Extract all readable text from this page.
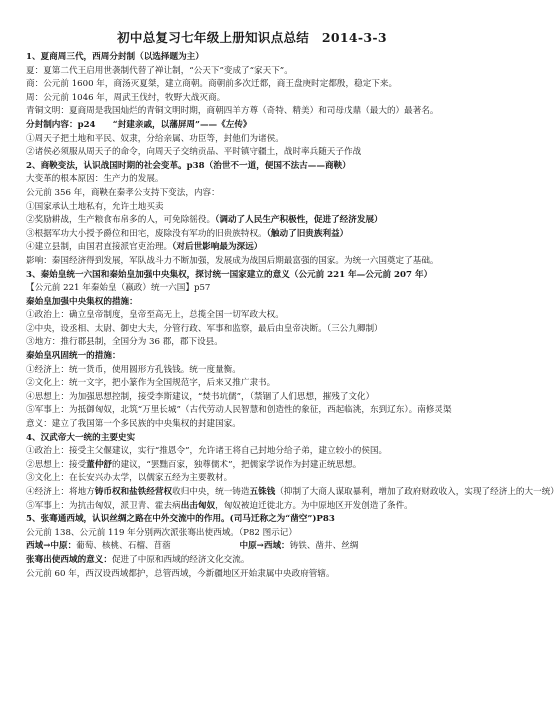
初中总复习七年级上册知识点总结　2014-3-3
1、夏商周三代，西周分封制（以选择题为主）
夏：夏第二代王启用世袭制代替了禅让制，“公天下”变成了“家天下”。
商：公元前 1600 年，商汤灭夏桀，建立商朝。商朝前多次迁都，商王盘庚时定都殷，稳定下来。
周：公元前 1046 年，周武王伐纣，牧野大战灭商。
青铜文明：夏商周是我国灿烂的青铜文明时期，商朝四羊方尊（奇特、精美）和司母戊鼎（最大的）最著名。
分封制内容：p24　　“封建亲戚，以藩屏周”——《左传》
①周天子把土地和平民、奴隶，分给亲属、功臣等，封他们为诸侯。
②诸侯必须服从周天子的命令，向周天子交纳贡品、平时镇守疆土，战时率兵随天子作战
2、商鞅变法，认识战国时期的社会变革。p38（治世不一道，便国不法古——商鞅）
大变革的根本原因：生产力的发展。
公元前 356 年，商鞅在秦孝公支持下变法，内容：
①国家承认土地私有，允许土地买卖
②奖励耕战，生产粮食布帛多的人，可免除徭役。（调动了人民生产积极性，促进了经济发展）
③根据军功大小授予爵位和田宅，废除没有军功的旧贵族特权。（触动了旧贵族利益）
④建立县制，由国君直接派官吏治理。（对后世影响最为深远）
影响：秦国经济得到发展，军队战斗力不断加强，发展成为战国后期最富强的国家。为统一六国奠定了基础。
3、秦始皇统一六国和秦始皇加强中央集权，探讨统一国家建立的意义（公元前 221 年—公元前 207 年）
【公元前 221 年秦始皇（嬴政）统一六国】p57
秦始皇加强中央集权的措施：
①政治上：确立皇帝制度，皇帝至高无上，总揽全国一切军政大权。
②中央，设丞相、太尉、御史大夫，分管行政、军事和监察，最后由皇帝决断。（三公九卿制）
③地方：推行郡县制，全国分为 36 郡，郡下设县。
秦始皇巩固统一的措施：
①经济上：统一货币，使用圆形方孔钱钱。统一度量衡。
②文化上：统一文字，把小篆作为全国规范字，后来又推广隶书。
④思想上：为加强思想控制，接受李斯建议，“焚书坑儒”，（禁锢了人们思想，摧残了文化）
⑤军事上：为抵御匈奴，北筑“万里长城”（古代劳动人民智慧和创造性的象征，西起临洮，东到辽东）。南修灵渠
意义：建立了我国第一个多民族的中央集权的封建国家。
4、汉武帝大一统的主要史实
①政治上：接受主父偃建议，实行“推恩令”，允许诸王将自己封地分给子弟，建立较小的侯国。
②思想上：接受董仲舒的建议，“罢黜百家，独尊儒术”，把儒家学说作为封建正统思想。
③文化上：在长安兴办太学，以儒家五经为主要教材。
④经济上：将地方铸币权和盐铁经营权收归中央，统一铸造五铢钱（抑制了大商人谋取暴利，增加了政府财政收入，实现了经济上的大一统）
⑤军事上：为抗击匈奴，派卫青、霍去病出击匈奴，匈奴被迫迁徙北方。为中原地区开发创造了条件。
5、张骞通西域，认识丝绸之路在中外交流中的作用。(司马迁称之为“凿空”)P83
公元前 138、公元前 119 年分别两次派张骞出使西域。（P82 图示记）
西域→中原：葡萄、核桃、石榴、苜蓿　　　　　　　　中原→西域：铸铁、凿井、丝绸
张骞出使西域的意义：促进了中原和西域的经济文化交流。
公元前 60 年，西汉设西域都护，总管西域，今新疆地区开始隶属中央政府管辖。
